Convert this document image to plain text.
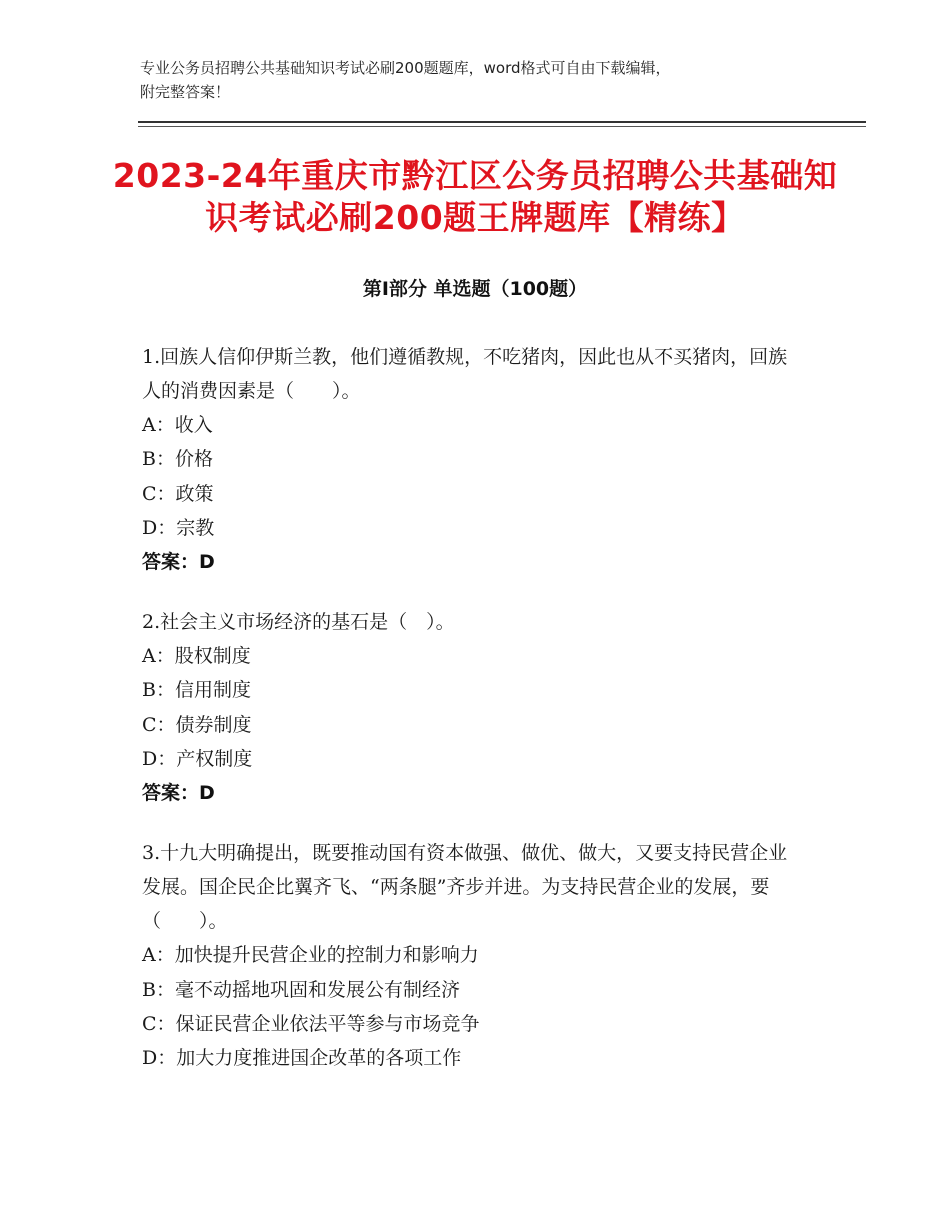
专业公务员招聘公共基础知识考试必刷200题题库，word格式可自由下载编辑，
附完整答案！
2023-24年重庆市黔江区公务员招聘公共基础知识考试必刷200题王牌题库【精练】
第Ⅰ部分 单选题（100题）
1.回族人信仰伊斯兰教，他们遵循教规，不吃猪肉，因此也从不买猪肉，回族人的消费因素是（　　）。
A：收入
B：价格
C：政策
D：宗教
答案：D
2.社会主义市场经济的基石是（　）。
A：股权制度
B：信用制度
C：债券制度
D：产权制度
答案：D
3.十九大明确提出，既要推动国有资本做强、做优、做大，又要支持民营企业发展。国企民企比翼齐飞、“两条腿”齐步并进。为支持民营企业的发展，要（　　）。
A：加快提升民营企业的控制力和影响力
B：毫不动摇地巩固和发展公有制经济
C：保证民营企业依法平等参与市场竞争
D：加大力度推进国企改革的各项工作
